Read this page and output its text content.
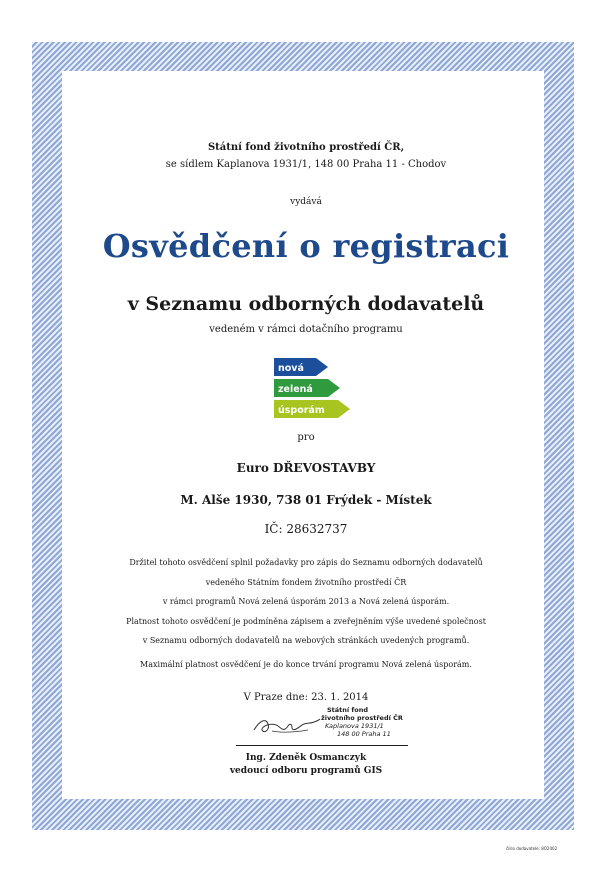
Státní fond životního prostředí ČR,
se sídlem Kaplanova 1931/1, 148 00 Praha 11 - Chodov
vydává
Osvědčení o registraci
v Seznamu odborných dodavatelů
vedeném v rámci dotačního programu
nová
zelená
úsporám
pro
Euro DŘEVOSTAVBY
M. Alše 1930, 738 01 Frýdek - Místek
IČ: 28632737
Držitel tohoto osvědčení splnil požadavky pro zápis do Seznamu odborných dodavatelů
vedeného Státním fondem životního prostředí ČR
v rámci programů Nová zelená úsporám 2013 a Nová zelená úsporám.
Platnost tohoto osvědčení je podmíněna zápisem a zveřejněním výše uvedené společnost
v Seznamu odborných dodavatelů na webových stránkách uvedených programů.
Maximální platnost osvědčení je do konce trvání programu Nová zelená úsporám.
V Praze dne: 23. 1. 2014
Státní fond
životního prostředí ČR
Kaplanova 1931/1
148 00 Praha 11
Ing. Zdeněk Osmanczyk
vedoucí odboru programů GIS
číslo dodavatele: 8O2402
